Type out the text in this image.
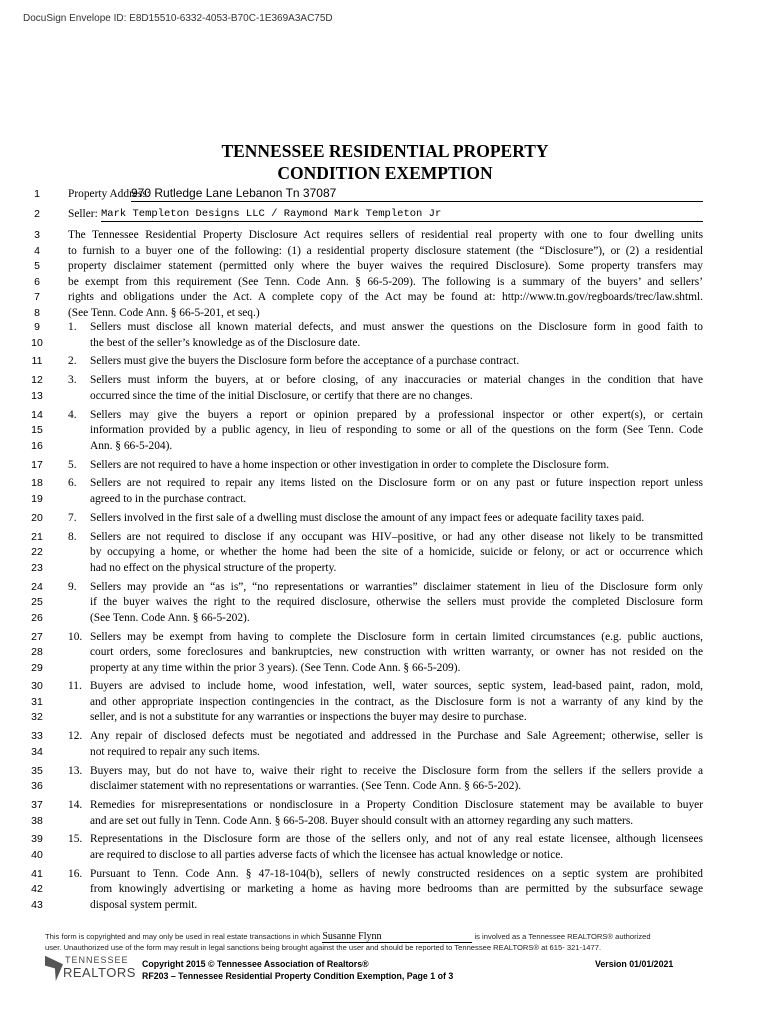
DocuSign Envelope ID: E8D15510-6332-4053-B70C-1E369A3AC75D
TENNESSEE RESIDENTIAL PROPERTY
CONDITION EXEMPTION
1	Property Address:
970 Rutledge Lane Lebanon Tn 37087
2	Seller: Mark Templeton Designs LLC / Raymond Mark Templeton Jr
3	The Tennessee Residential Property Disclosure Act requires sellers of residential real property with one to four dwelling units
4	to furnish to a buyer one of the following: (1) a residential property disclosure statement (the “Disclosure”), or (2) a residential
5	property disclaimer statement (permitted only where the buyer waives the required Disclosure). Some property transfers may
6	be exempt from this requirement (See Tenn. Code Ann. § 66-5-209). The following is a summary of the buyers’ and sellers’
7	rights and obligations under the Act. A complete copy of the Act may be found at: http://www.tn.gov/regboards/trec/law.shtml.
8	(See Tenn. Code Ann. § 66-5-201, et seq.)
9	1. Sellers must disclose all known material defects, and must answer the questions on the Disclosure form in good faith to
10	the best of the seller’s knowledge as of the Disclosure date.
11	2. Sellers must give the buyers the Disclosure form before the acceptance of a purchase contract.
12	3. Sellers must inform the buyers, at or before closing, of any inaccuracies or material changes in the condition that have
13	occurred since the time of the initial Disclosure, or certify that there are no changes.
14	4. Sellers may give the buyers a report or opinion prepared by a professional inspector or other expert(s), or certain
15	information provided by a public agency, in lieu of responding to some or all of the questions on the form (See Tenn. Code
16	Ann. § 66-5-204).
17	5. Sellers are not required to have a home inspection or other investigation in order to complete the Disclosure form.
18	6. Sellers are not required to repair any items listed on the Disclosure form or on any past or future inspection report unless
19	agreed to in the purchase contract.
20	7. Sellers involved in the first sale of a dwelling must disclose the amount of any impact fees or adequate facility taxes paid.
21	8. Sellers are not required to disclose if any occupant was HIV–positive, or had any other disease not likely to be transmitted
22	by occupying a home, or whether the home had been the site of a homicide, suicide or felony, or act or occurrence which
23	had no effect on the physical structure of the property.
24	9. Sellers may provide an “as is”, “no representations or warranties” disclaimer statement in lieu of the Disclosure form only
25	if the buyer waives the right to the required disclosure, otherwise the sellers must provide the completed Disclosure form
26	(See Tenn. Code Ann. § 66-5-202).
27	10. Sellers may be exempt from having to complete the Disclosure form in certain limited circumstances (e.g. public auctions,
28	court orders, some foreclosures and bankruptcies, new construction with written warranty, or owner has not resided on the
29	property at any time within the prior 3 years). (See Tenn. Code Ann. § 66-5-209).
30	11. Buyers are advised to include home, wood infestation, well, water sources, septic system, lead-based paint, radon, mold,
31	and other appropriate inspection contingencies in the contract, as the Disclosure form is not a warranty of any kind by the
32	seller, and is not a substitute for any warranties or inspections the buyer may desire to purchase.
33	12. Any repair of disclosed defects must be negotiated and addressed in the Purchase and Sale Agreement; otherwise, seller is
34	not required to repair any such items.
35	13. Buyers may, but do not have to, waive their right to receive the Disclosure form from the sellers if the sellers provide a
36	disclaimer statement with no representations or warranties. (See Tenn. Code Ann. § 66-5-202).
37	14. Remedies for misrepresentations or nondisclosure in a Property Condition Disclosure statement may be available to buyer
38	and are set out fully in Tenn. Code Ann. § 66-5-208. Buyer should consult with an attorney regarding any such matters.
39	15. Representations in the Disclosure form are those of the sellers only, and not of any real estate licensee, although licensees
40	are required to disclose to all parties adverse facts of which the licensee has actual knowledge or notice.
41	16. Pursuant to Tenn. Code Ann. § 47-18-104(b), sellers of newly constructed residences on a septic system are prohibited
42	from knowingly advertising or marketing a home as having more bedrooms than are permitted by the subsurface sewage
43	disposal system permit.
This form is copyrighted and may only be used in real estate transactions in which Susanne Flynn	is involved as a Tennessee REALTORS® authorized
user. Unauthorized use of the form may result in legal sanctions being brought against the user and should be reported to Tennessee REALTORS® at 615- 321-1477.
TENNESSEE
REALTORS
Copyright 2015 © Tennessee Association of Realtors®
RF203 – Tennessee Residential Property Condition Exemption, Page 1 of 3
Version 01/01/2021
